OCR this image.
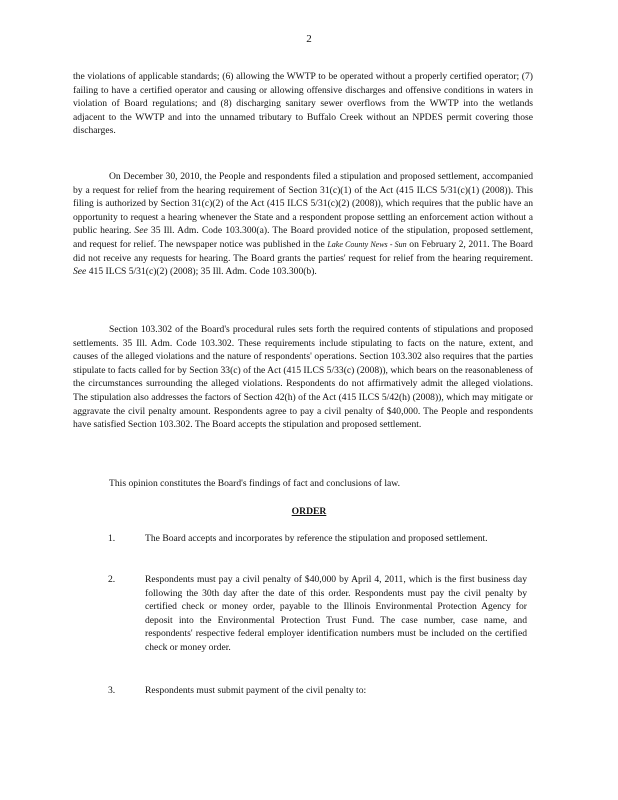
2

the violations of applicable standards; (6) allowing the WWTP to be operated without a properly certified operator; (7) failing to have a certified operator and causing or allowing offensive discharges and offensive conditions in waters in violation of Board regulations; and (8) discharging sanitary sewer overflows from the WWTP into the wetlands adjacent to the WWTP and into the unnamed tributary to Buffalo Creek without an NPDES permit covering those discharges.

On December 30, 2010, the People and respondents filed a stipulation and proposed settlement, accompanied by a request for relief from the hearing requirement of Section 31(c)(1) of the Act (415 ILCS 5/31(c)(1) (2008)). This filing is authorized by Section 31(c)(2) of the Act (415 ILCS 5/31(c)(2) (2008)), which requires that the public have an opportunity to request a hearing whenever the State and a respondent propose settling an enforcement action without a public hearing. See 35 Ill. Adm. Code 103.300(a). The Board provided notice of the stipulation, proposed settlement, and request for relief. The newspaper notice was published in the Lake County News - Sun on February 2, 2011. The Board did not receive any requests for hearing. The Board grants the parties' request for relief from the hearing requirement. See 415 ILCS 5/31(c)(2) (2008); 35 Ill. Adm. Code 103.300(b).

Section 103.302 of the Board's procedural rules sets forth the required contents of stipulations and proposed settlements. 35 Ill. Adm. Code 103.302. These requirements include stipulating to facts on the nature, extent, and causes of the alleged violations and the nature of respondents' operations. Section 103.302 also requires that the parties stipulate to facts called for by Section 33(c) of the Act (415 ILCS 5/33(c) (2008)), which bears on the reasonableness of the circumstances surrounding the alleged violations. Respondents do not affirmatively admit the alleged violations. The stipulation also addresses the factors of Section 42(h) of the Act (415 ILCS 5/42(h) (2008)), which may mitigate or aggravate the civil penalty amount. Respondents agree to pay a civil penalty of $40,000. The People and respondents have satisfied Section 103.302. The Board accepts the stipulation and proposed settlement.

This opinion constitutes the Board's findings of fact and conclusions of law.

ORDER
1.	The Board accepts and incorporates by reference the stipulation and proposed settlement.
2.	Respondents must pay a civil penalty of $40,000 by April 4, 2011, which is the first business day following the 30th day after the date of this order. Respondents must pay the civil penalty by certified check or money order, payable to the Illinois Environmental Protection Agency for deposit into the Environmental Protection Trust Fund. The case number, case name, and respondents' respective federal employer identification numbers must be included on the certified check or money order.
3.	Respondents must submit payment of the civil penalty to:
